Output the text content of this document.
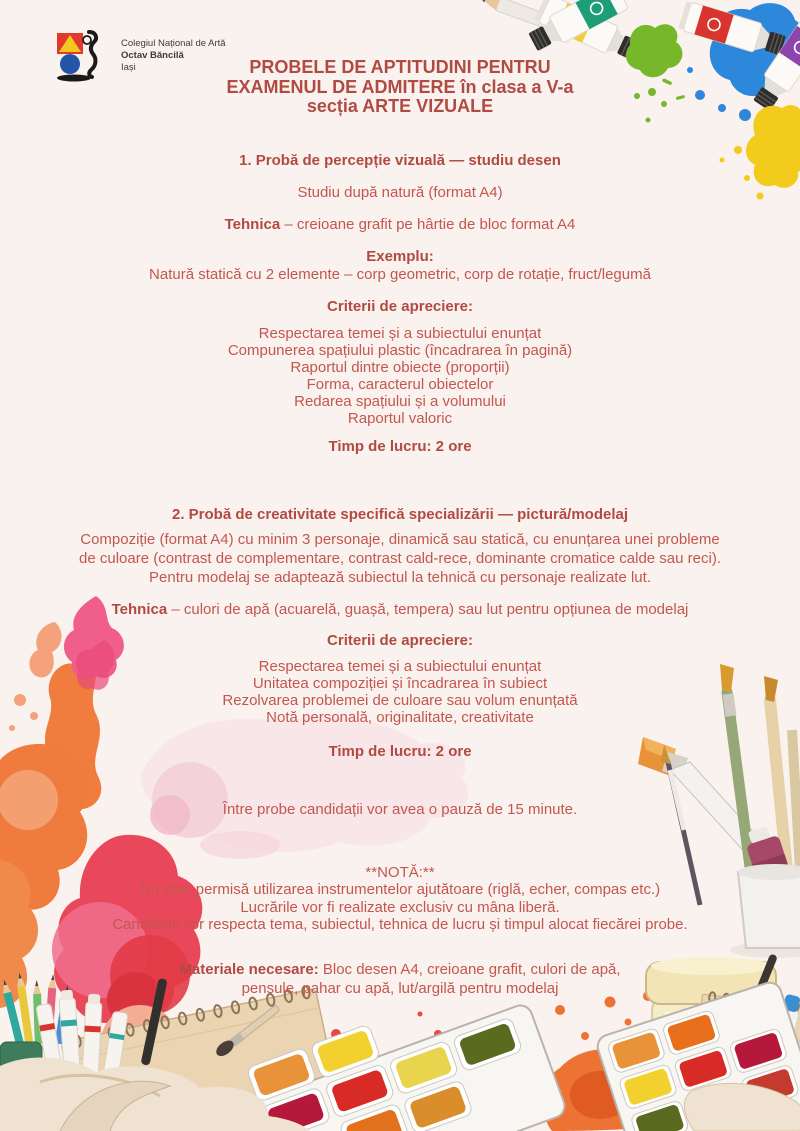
Colegiul Național de Artă
Octav Băncilă
Iași	PROBELE DE APTITUDINI PENTRU
EXAMENUL DE ADMITERE în clasa a V-a
secția ARTE VIZUALE
1. Probă de percepție vizuală — studiu desen
Studiu după natură (format A4)
Tehnica – creioane grafit pe hârtie de bloc format A4
Exemplu:
Natură statică cu 2 elemente – corp geometric, corp de rotație, fruct/legumă
Criterii de apreciere:
Respectarea temei și a subiectului enunțat
Compunerea spațiului plastic (încadrarea în pagină)
Raportul dintre obiecte (proporții)
Forma, caracterul obiectelor
Redarea spațiului și a volumului
Raportul valoric
Timp de lucru: 2 ore
2. Probă de creativitate specifică specializării — pictură/modelaj
Compoziție (format A4) cu minim 3 personaje, dinamică sau statică, cu enunțarea unei probleme
de culoare (contrast de complementare, contrast cald-rece, dominante cromatice calde sau reci).
Pentru modelaj se adaptează subiectul la tehnică cu personaje realizate lut.
Tehnica – culori de apă (acuarelă, guașă, tempera) sau lut pentru opțiunea de modelaj
Criterii de apreciere:
Respectarea temei și a subiectului enunțat
Unitatea compoziției și încadrarea în subiect
Rezolvarea problemei de culoare sau volum enunțată
Notă personală, originalitate, creativitate
Timp de lucru: 2 ore
Între probe candidații vor avea o pauză de 15 minute.
**NOTĂ:**
Nu este permisă utilizarea instrumentelor ajutătoare (riglă, echer, compas etc.)
Lucrările vor fi realizate exclusiv cu mâna liberă.
Candidații vor respecta tema, subiectul, tehnica de lucru și timpul alocat fiecărei probe.
Materiale necesare: Bloc desen A4, creioane grafit, culori de apă,
pensule, pahar cu apă, lut/argilă pentru modelaj
